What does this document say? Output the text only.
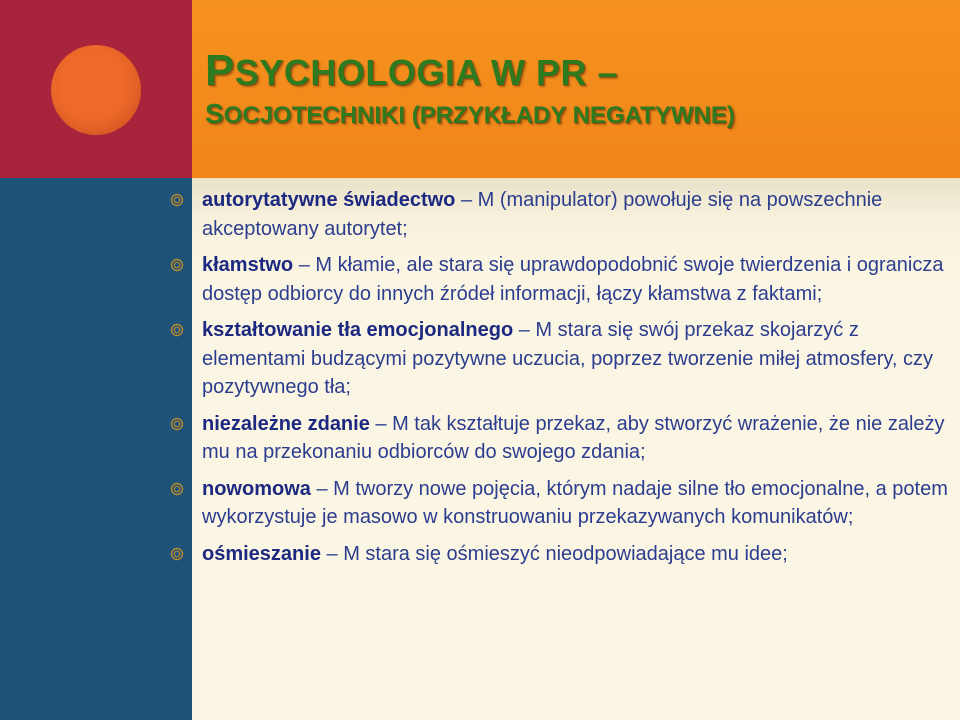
PSYCHOLOGIA W PR –
SOCJOTECHNIKI (PRZYKŁADY NEGATYWNE)
autorytatywne świadectwo – M (manipulator) powołuje się na powszechnie akceptowany autorytet;
kłamstwo – M kłamie, ale stara się uprawdopodobnić swoje twierdzenia i ogranicza dostęp odbiorcy do innych źródeł informacji, łączy kłamstwa z faktami;
kształtowanie tła emocjonalnego – M stara się swój przekaz skojarzyć z elementami budzącymi pozytywne uczucia, poprzez tworzenie miłej atmosfery, czy pozytywnego tła;
niezależne zdanie – M tak kształtuje przekaz, aby stworzyć wrażenie, że nie zależy mu na przekonaniu odbiorców do swojego zdania;
nowomowa – M tworzy nowe pojęcia, którym nadaje silne tło emocjonalne, a potem wykorzystuje je masowo w konstruowaniu przekazywanych komunikatów;
ośmieszanie – M stara się ośmieszyć nieodpowiadające mu idee;
